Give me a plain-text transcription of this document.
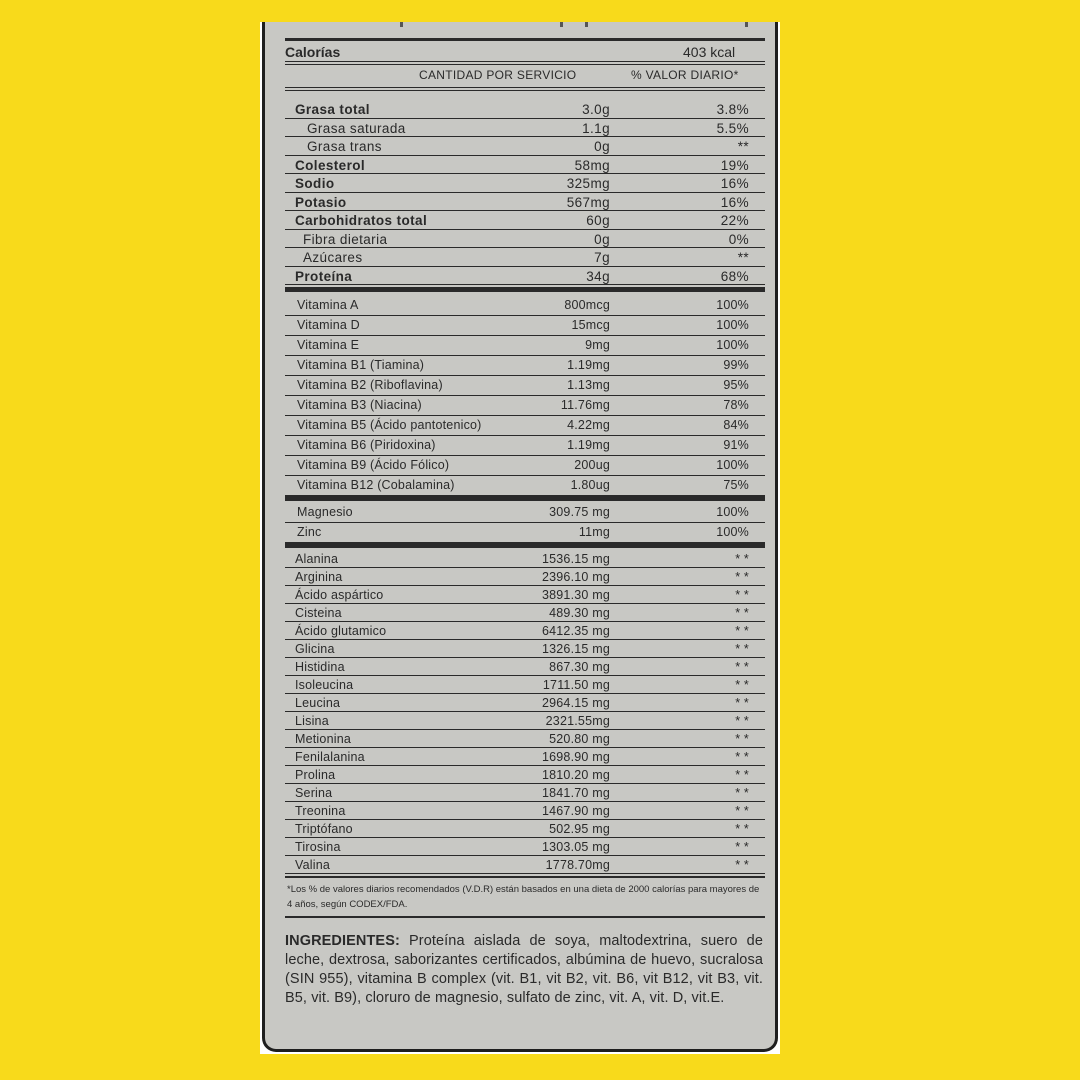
Calorías	403 kcal
CANTIDAD POR SERVICIO	% VALOR DIARIO*
Grasa total	3.0g	3.8%
Grasa saturada	1.1g	5.5%
Grasa trans	0g	**
Colesterol	58mg	19%
Sodio	325mg	16%
Potasio	567mg	16%
Carbohidratos total	60g	22%
Fibra dietaria	0g	0%
Azúcares	7g	**
Proteína	34g	68%
Vitamina A	800mcg	100%
Vitamina D	15mcg	100%
Vitamina E	9mg	100%
Vitamina B1 (Tiamina)	1.19mg	99%
Vitamina B2 (Riboflavina)	1.13mg	95%
Vitamina B3 (Niacina)	11.76mg	78%
Vitamina B5 (Ácido pantotenico)	4.22mg	84%
Vitamina B6 (Piridoxina)	1.19mg	91%
Vitamina B9 (Ácido Fólico)	200ug	100%
Vitamina B12 (Cobalamina)	1.80ug	75%
Magnesio	309.75 mg	100%
Zinc	11mg	100%
Alanina	1536.15 mg	* *
Arginina	2396.10 mg	* *
Ácido aspártico	3891.30 mg	* *
Cisteina	489.30 mg	* *
Ácido glutamico	6412.35 mg	* *
Glicina	1326.15 mg	* *
Histidina	867.30 mg	* *
Isoleucina	1711.50 mg	* *
Leucina	2964.15 mg	* *
Lisina	2321.55mg	* *
Metionina	520.80 mg	* *
Fenilalanina	1698.90 mg	* *
Prolina	1810.20 mg	* *
Serina	1841.70 mg	* *
Treonina	1467.90 mg	* *
Triptófano	502.95 mg	* *
Tirosina	1303.05 mg	* *
Valina	1778.70mg	* *
*Los % de valores diarios recomendados (V.D.R) están basados en una dieta de 2000 calorías para mayores de 4 años, según CODEX/FDA.
INGREDIENTES: Proteína aislada de soya, maltodextrina, suero de leche, dextrosa, saborizantes certificados, albúmina de huevo, sucralosa (SIN 955), vitamina B complex (vit. B1, vit B2, vit. B6, vit B12, vit B3, vit. B5, vit. B9), cloruro de magnesio, sulfato de zinc, vit. A, vit. D, vit.E.
